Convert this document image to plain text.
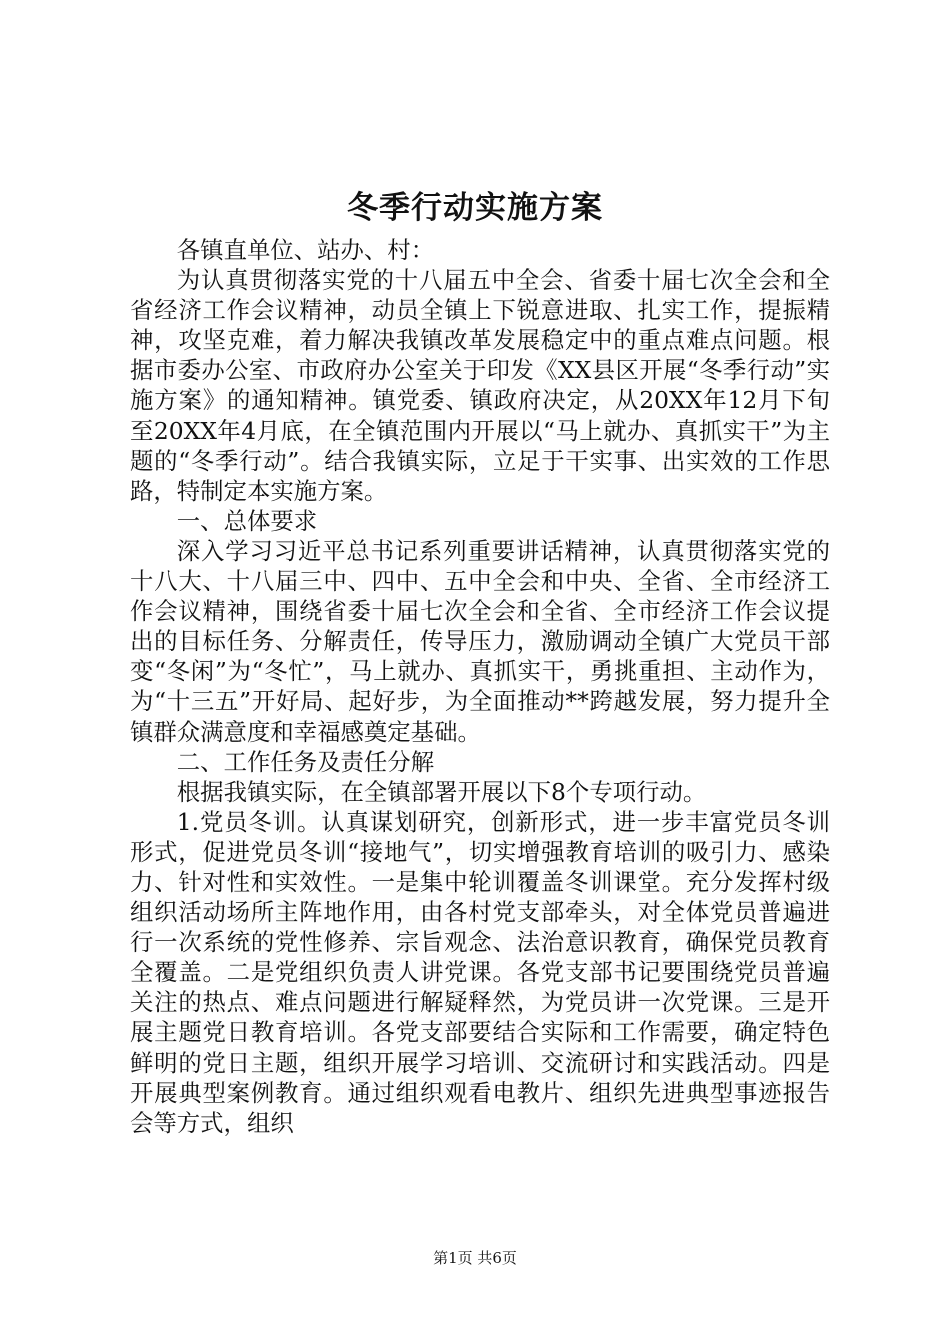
冬季行动实施方案

各镇直单位、站办、村：

为认真贯彻落实党的十八届五中全会、省委十届七次全会和全省经济工作会议精神，动员全镇上下锐意进取、扎实工作，提振精神，攻坚克难，着力解决我镇改革发展稳定中的重点难点问题。根据市委办公室、市政府办公室关于印发《XX县区开展“冬季行动”实施方案》的通知精神。镇党委、镇政府决定，从20XX年12月下旬至20XX年4月底，在全镇范围内开展以“马上就办、真抓实干”为主题的“冬季行动”。结合我镇实际，立足于干实事、出实效的工作思路，特制定本实施方案。

一、总体要求

深入学习习近平总书记系列重要讲话精神，认真贯彻落实党的十八大、十八届三中、四中、五中全会和中央、全省、全市经济工作会议精神，围绕省委十届七次全会和全省、全市经济工作会议提出的目标任务、分解责任，传导压力，激励调动全镇广大党员干部变“冬闲”为“冬忙”，马上就办、真抓实干，勇挑重担、主动作为，为“十三五”开好局、起好步，为全面推动**跨越发展，努力提升全镇群众满意度和幸福感奠定基础。

二、工作任务及责任分解

根据我镇实际，在全镇部署开展以下8个专项行动。

1.党员冬训。认真谋划研究，创新形式，进一步丰富党员冬训形式，促进党员冬训“接地气”，切实增强教育培训的吸引力、感染力、针对性和实效性。一是集中轮训覆盖冬训课堂。充分发挥村级组织活动场所主阵地作用，由各村党支部牵头，对全体党员普遍进行一次系统的党性修养、宗旨观念、法治意识教育，确保党员教育全覆盖。二是党组织负责人讲党课。各党支部书记要围绕党员普遍关注的热点、难点问题进行解疑释然，为党员讲一次党课。三是开展主题党日教育培训。各党支部要结合实际和工作需要，确定特色鲜明的党日主题，组织开展学习培训、交流研讨和实践活动。四是开展典型案例教育。通过组织观看电教片、组织先进典型事迹报告会等方式，组织

第1页 共6页
